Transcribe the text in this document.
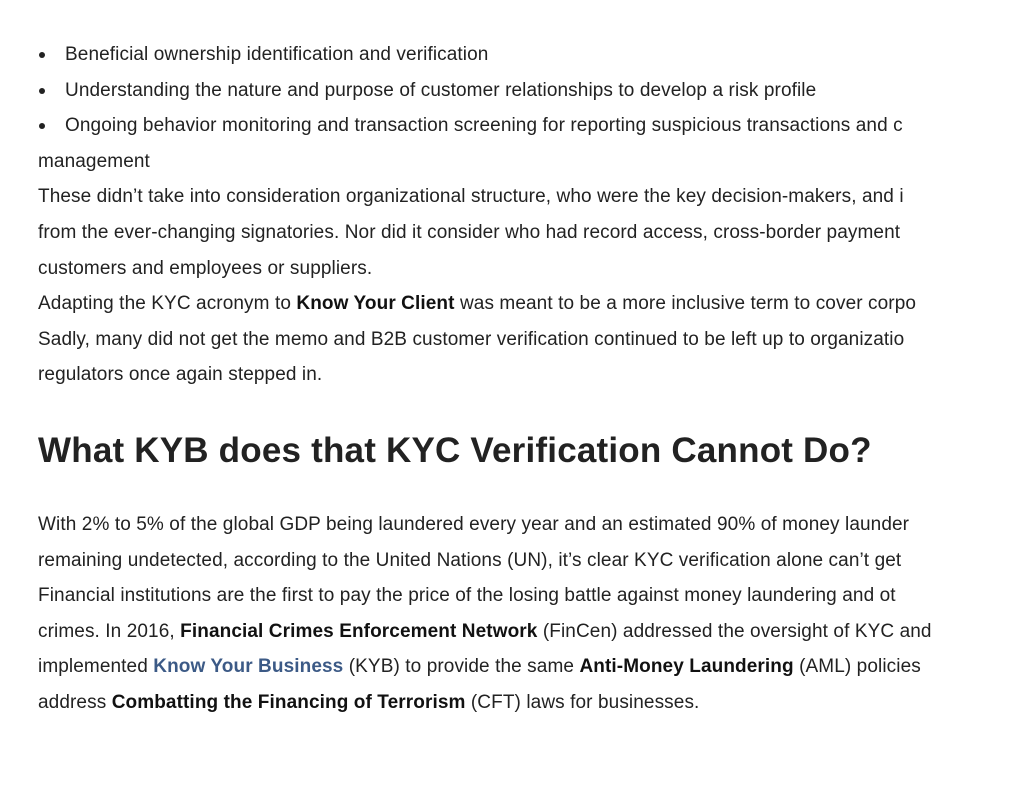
Beneficial ownership identification and verification
Understanding the nature and purpose of customer relationships to develop a risk profile
Ongoing behavior monitoring and transaction screening for reporting suspicious transactions and c
management

These didn’t take into consideration organizational structure, who were the key decision-makers, and i
from the ever-changing signatories. Nor did it consider who had record access, cross-border payment
customers and employees or suppliers.

Adapting the KYC acronym to Know Your Client was meant to be a more inclusive term to cover corpo
Sadly, many did not get the memo and B2B customer verification continued to be left up to organizatio
regulators once again stepped in.

What KYB does that KYC Verification Cannot Do?

With 2% to 5% of the global GDP being laundered every year and an estimated 90% of money launder
remaining undetected, according to the United Nations (UN), it’s clear KYC verification alone can’t get
Financial institutions are the first to pay the price of the losing battle against money laundering and ot
crimes. In 2016, Financial Crimes Enforcement Network (FinCen) addressed the oversight of KYC and
implemented Know Your Business (KYB) to provide the same Anti-Money Laundering (AML) policies
address Combatting the Financing of Terrorism (CFT) laws for businesses.
